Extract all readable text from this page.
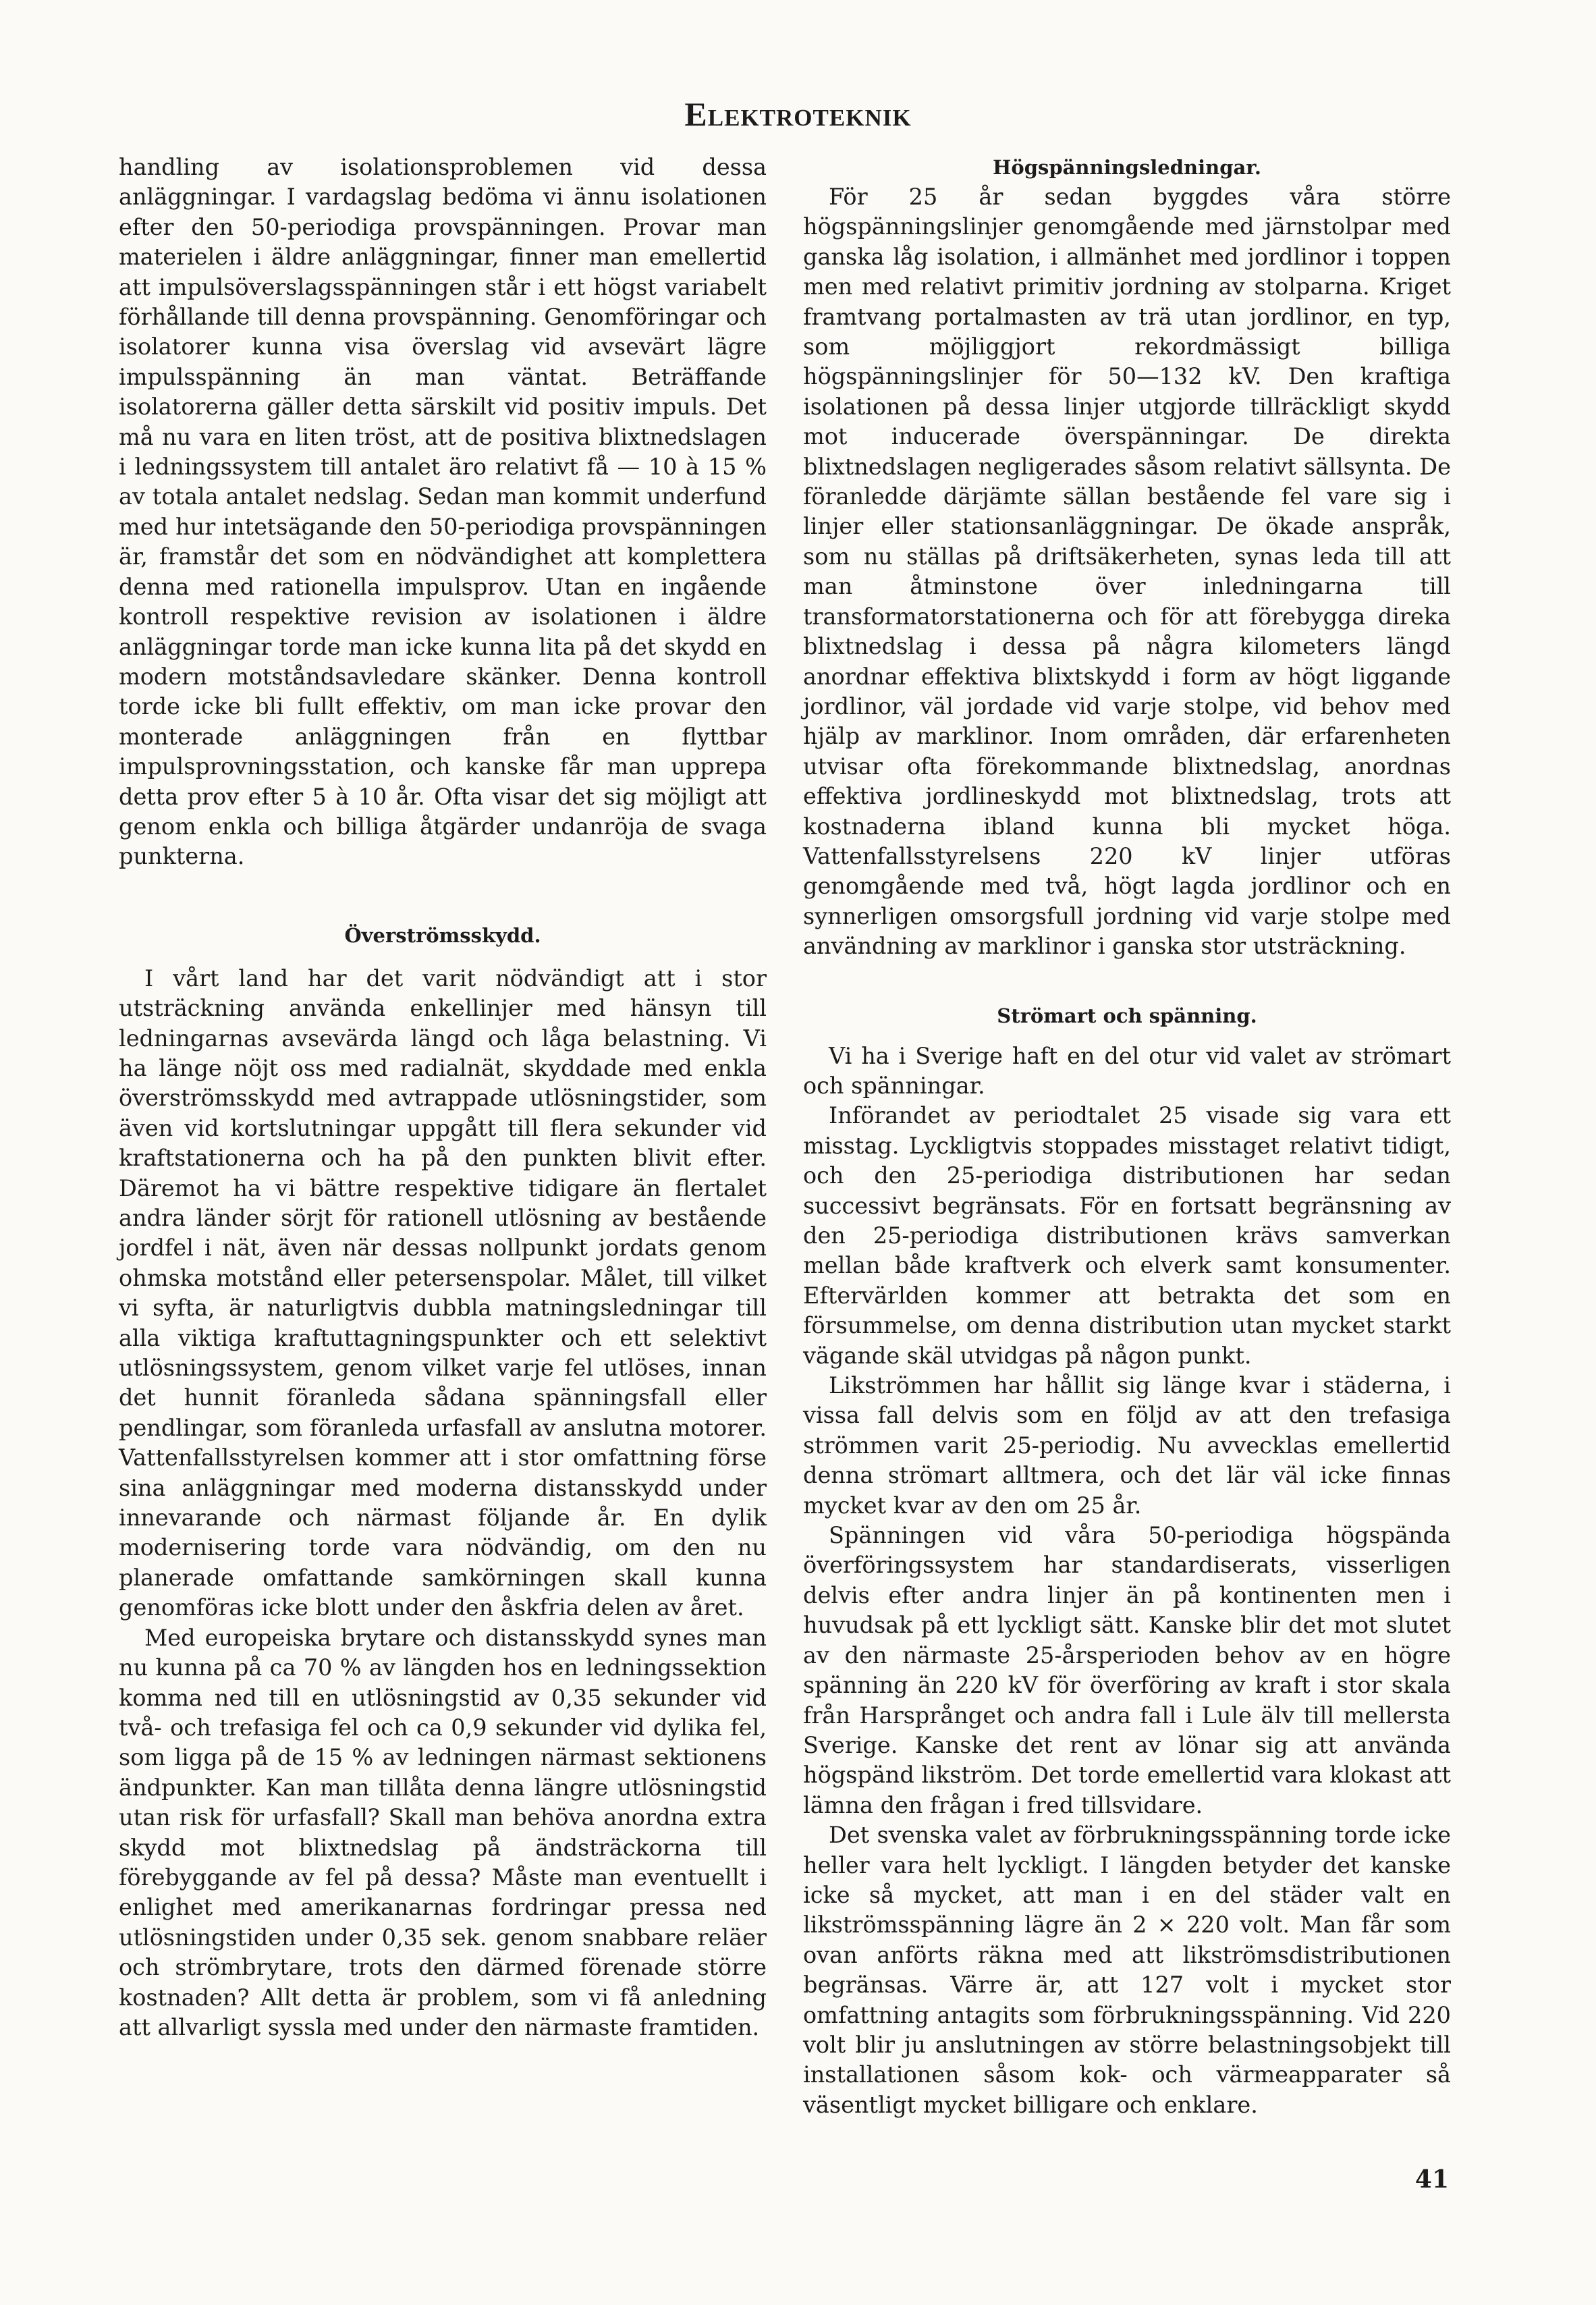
Elektroteknik

handling av isolationsproblemen vid dessa anläggningar. I vardagslag bedöma vi ännu isolationen efter den 50-periodiga provspänningen. Provar man materielen i äldre anläggningar, finner man emellertid att impulsöverslagsspänningen står i ett högst variabelt förhållande till denna provspänning. Genomföringar och isolatorer kunna visa överslag vid avsevärt lägre impulsspänning än man väntat. Beträffande isolatorerna gäller detta särskilt vid positiv impuls. Det må nu vara en liten tröst, att de positiva blixtnedslagen i ledningssystem till antalet äro relativt få — 10 à 15 % av totala antalet nedslag. Sedan man kommit underfund med hur intetsägande den 50-periodiga provspänningen är, framstår det som en nödvändighet att komplettera denna med rationella impulsprov. Utan en ingående kontroll respektive revision av isolationen i äldre anläggningar torde man icke kunna lita på det skydd en modern motståndsavledare skänker. Denna kontroll torde icke bli fullt effektiv, om man icke provar den monterade anläggningen från en flyttbar impulsprovningsstation, och kanske får man upprepa detta prov efter 5 à 10 år. Ofta visar det sig möjligt att genom enkla och billiga åtgärder undanröja de svaga punkterna.

Överströmsskydd.

I vårt land har det varit nödvändigt att i stor utsträckning använda enkellinjer med hänsyn till ledningarnas avsevärda längd och låga belastning. Vi ha länge nöjt oss med radialnät, skyddade med enkla överströmsskydd med avtrappade utlösningstider, som även vid kortslutningar uppgått till flera sekunder vid kraftstationerna och ha på den punkten blivit efter. Däremot ha vi bättre respektive tidigare än flertalet andra länder sörjt för rationell utlösning av bestående jordfel i nät, även när dessas nollpunkt jordats genom ohmska motstånd eller petersenspolar. Målet, till vilket vi syfta, är naturligtvis dubbla matningsledningar till alla viktiga kraftuttagningspunkter och ett selektivt utlösningssystem, genom vilket varje fel utlöses, innan det hunnit föranleda sådana spänningsfall eller pendlingar, som föranleda urfasfall av anslutna motorer. Vattenfallsstyrelsen kommer att i stor omfattning förse sina anläggningar med moderna distansskydd under innevarande och närmast följande år. En dylik modernisering torde vara nödvändig, om den nu planerade omfattande samkörningen skall kunna genomföras icke blott under den åskfria delen av året.

Med europeiska brytare och distansskydd synes man nu kunna på ca 70 % av längden hos en ledningssektion komma ned till en utlösningstid av 0,35 sekunder vid två- och trefasiga fel och ca 0,9 sekunder vid dylika fel, som ligga på de 15 % av ledningen närmast sektionens ändpunkter. Kan man tillåta denna längre utlösningstid utan risk för urfasfall? Skall man behöva anordna extra skydd mot blixtnedslag på ändsträckorna till förebyggande av fel på dessa? Måste man eventuellt i enlighet med amerikanarnas fordringar pressa ned utlösningstiden under 0,35 sek. genom snabbare reläer och strömbrytare, trots den därmed förenade större kostnaden? Allt detta är problem, som vi få anledning att allvarligt syssla med under den närmaste framtiden.

Högspänningsledningar.

För 25 år sedan byggdes våra större högspänningslinjer genomgående med järnstolpar med ganska låg isolation, i allmänhet med jordlinor i toppen men med relativt primitiv jordning av stolparna. Kriget framtvang portalmasten av trä utan jordlinor, en typ, som möjliggjort rekordmässigt billiga högspänningslinjer för 50—132 kV. Den kraftiga isolationen på dessa linjer utgjorde tillräckligt skydd mot inducerade överspänningar. De direkta blixtnedslagen negligerades såsom relativt sällsynta. De föranledde därjämte sällan bestående fel vare sig i linjer eller stationsanläggningar. De ökade anspråk, som nu ställas på driftsäkerheten, synas leda till att man åtminstone över inledningarna till transformatorstationerna och för att förebygga direka blixtnedslag i dessa på några kilometers längd anordnar effektiva blixtskydd i form av högt liggande jordlinor, väl jordade vid varje stolpe, vid behov med hjälp av marklinor. Inom områden, där erfarenheten utvisar ofta förekommande blixtnedslag, anordnas effektiva jordlineskydd mot blixtnedslag, trots att kostnaderna ibland kunna bli mycket höga. Vattenfallsstyrelsens 220 kV linjer utföras genomgående med två, högt lagda jordlinor och en synnerligen omsorgsfull jordning vid varje stolpe med användning av marklinor i ganska stor utsträckning.

Strömart och spänning.

Vi ha i Sverige haft en del otur vid valet av strömart och spänningar.

Införandet av periodtalet 25 visade sig vara ett misstag. Lyckligtvis stoppades misstaget relativt tidigt, och den 25-periodiga distributionen har sedan successivt begränsats. För en fortsatt begränsning av den 25-periodiga distributionen krävs samverkan mellan både kraftverk och elverk samt konsumenter. Eftervärlden kommer att betrakta det som en försummelse, om denna distribution utan mycket starkt vägande skäl utvidgas på någon punkt.

Likströmmen har hållit sig länge kvar i städerna, i vissa fall delvis som en följd av att den trefasiga strömmen varit 25-periodig. Nu avvecklas emellertid denna strömart alltmera, och det lär väl icke finnas mycket kvar av den om 25 år.

Spänningen vid våra 50-periodiga högspända överföringssystem har standardiserats, visserligen delvis efter andra linjer än på kontinenten men i huvudsak på ett lyckligt sätt. Kanske blir det mot slutet av den närmaste 25-årsperioden behov av en högre spänning än 220 kV för överföring av kraft i stor skala från Harsprånget och andra fall i Lule älv till mellersta Sverige. Kanske det rent av lönar sig att använda högspänd likström. Det torde emellertid vara klokast att lämna den frågan i fred tillsvidare.

Det svenska valet av förbrukningsspänning torde icke heller vara helt lyckligt. I längden betyder det kanske icke så mycket, att man i en del städer valt en likströmsspänning lägre än 2 × 220 volt. Man får som ovan anförts räkna med att likströmsdistributionen begränsas. Värre är, att 127 volt i mycket stor omfattning antagits som förbrukningsspänning. Vid 220 volt blir ju anslutningen av större belastningsobjekt till installationen såsom kok- och värmeapparater så väsentligt mycket billigare och enklare.

41
